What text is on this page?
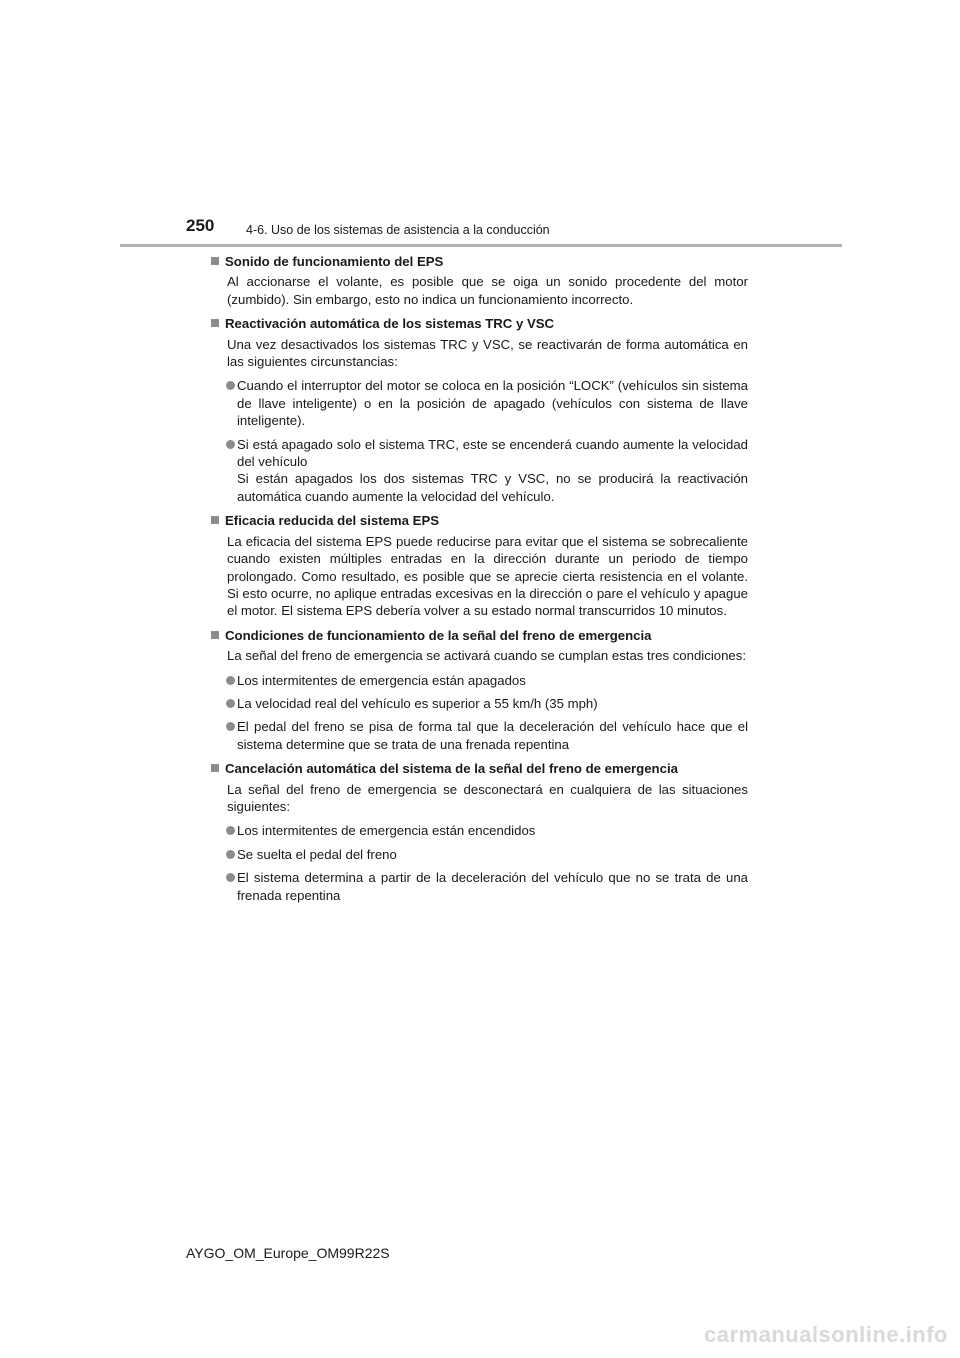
250	4-6. Uso de los sistemas de asistencia a la conducción
Sonido de funcionamiento del EPS
Al accionarse el volante, es posible que se oiga un sonido procedente del motor (zumbido). Sin embargo, esto no indica un funcionamiento incorrecto.
Reactivación automática de los sistemas TRC y VSC
Una vez desactivados los sistemas TRC y VSC, se reactivarán de forma automática en las siguientes circunstancias:
Cuando el interruptor del motor se coloca en la posición “LOCK” (vehículos sin sistema de llave inteligente) o en la posición de apagado (vehículos con sistema de llave inteligente).
Si está apagado solo el sistema TRC, este se encenderá cuando aumente la velocidad del vehículo
Si están apagados los dos sistemas TRC y VSC, no se producirá la reactivación automática cuando aumente la velocidad del vehículo.
Eficacia reducida del sistema EPS
La eficacia del sistema EPS puede reducirse para evitar que el sistema se sobrecaliente cuando existen múltiples entradas en la dirección durante un periodo de tiempo prolongado. Como resultado, es posible que se aprecie cierta resistencia en el volante. Si esto ocurre, no aplique entradas excesivas en la dirección o pare el vehículo y apague el motor. El sistema EPS debería volver a su estado normal transcurridos 10 minutos.
Condiciones de funcionamiento de la señal del freno de emergencia
La señal del freno de emergencia se activará cuando se cumplan estas tres condiciones:
Los intermitentes de emergencia están apagados
La velocidad real del vehículo es superior a 55 km/h (35 mph)
El pedal del freno se pisa de forma tal que la deceleración del vehículo hace que el sistema determine que se trata de una frenada repentina
Cancelación automática del sistema de la señal del freno de emergencia
La señal del freno de emergencia se desconectará en cualquiera de las situaciones siguientes:
Los intermitentes de emergencia están encendidos
Se suelta el pedal del freno
El sistema determina a partir de la deceleración del vehículo que no se trata de una frenada repentina
AYGO_OM_Europe_OM99R22S
carmanualsonline.info
